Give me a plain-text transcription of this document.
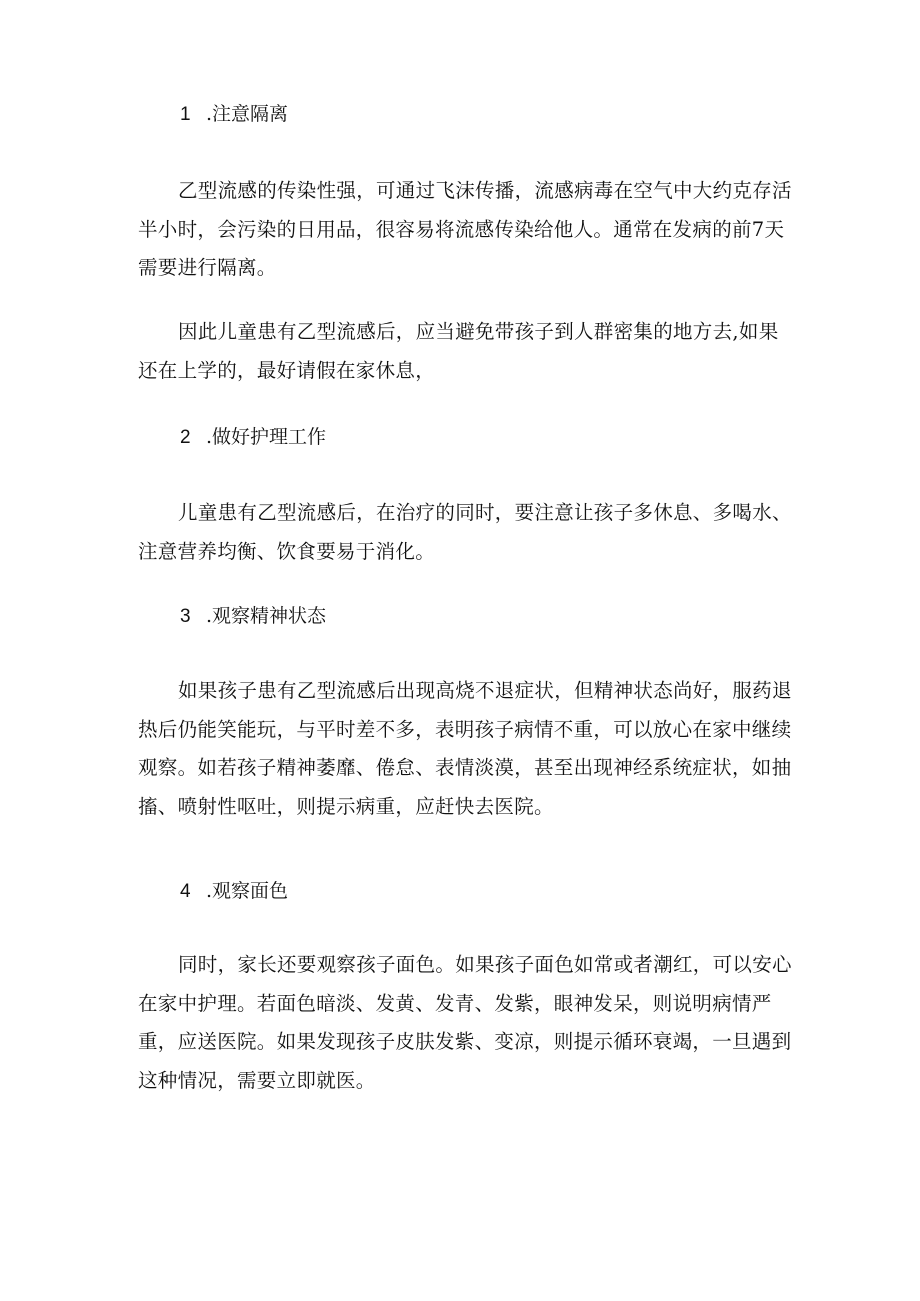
1 .注意隔离

乙型流感的传染性强，可通过飞沫传播，流感病毒在空气中大约克存活半小时，会污染的日用品，很容易将流感传染给他人。通常在发病的前7天需要进行隔离。

因此儿童患有乙型流感后，应当避免带孩子到人群密集的地方去,如果还在上学的，最好请假在家休息，

2 .做好护理工作

儿童患有乙型流感后，在治疗的同时，要注意让孩子多休息、多喝水、注意营养均衡、饮食要易于消化。

3 .观察精神状态

如果孩子患有乙型流感后出现高烧不退症状，但精神状态尚好，服药退热后仍能笑能玩，与平时差不多，表明孩子病情不重，可以放心在家中继续观察。如若孩子精神萎靡、倦怠、表情淡漠，甚至出现神经系统症状，如抽搐、喷射性呕吐，则提示病重，应赶快去医院。

4 .观察面色

同时，家长还要观察孩子面色。如果孩子面色如常或者潮红，可以安心在家中护理。若面色暗淡、发黄、发青、发紫，眼神发呆，则说明病情严重，应送医院。如果发现孩子皮肤发紫、变凉，则提示循环衰竭，一旦遇到这种情况，需要立即就医。
